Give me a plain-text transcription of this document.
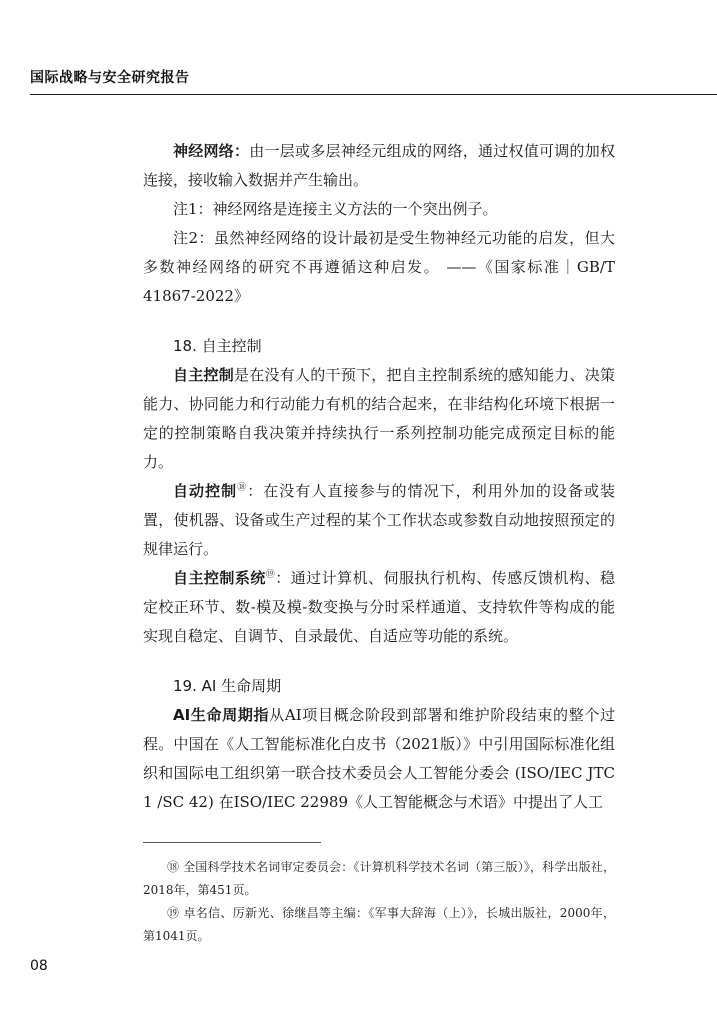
国际战略与安全研究报告

神经网络：由一层或多层神经元组成的网络，通过权值可调的加权连接，接收输入数据并产生输出。

注1：神经网络是连接主义方法的一个突出例子。

注2：虽然神经网络的设计最初是受生物神经元功能的启发，但大多数神经网络的研究不再遵循这种启发。 ——《国家标准｜GB/T 41867-2022》

18. 自主控制

自主控制是在没有人的干预下，把自主控制系统的感知能力、决策能力、协同能力和行动能力有机的结合起来，在非结构化环境下根据一定的控制策略自我决策并持续执行一系列控制功能完成预定目标的能力。

自动控制⑱：在没有人直接参与的情况下，利用外加的设备或装置，使机器、设备或生产过程的某个工作状态或参数自动地按照预定的规律运行。

自主控制系统⑲：通过计算机、伺服执行机构、传感反馈机构、稳定校正环节、数-模及模-数变换与分时采样通道、支持软件等构成的能实现自稳定、自调节、自录最优、自适应等功能的系统。

19. AI 生命周期

AI生命周期指从AI项目概念阶段到部署和维护阶段结束的整个过程。中国在《人工智能标准化白皮书（2021版）》中引用国际标准化组织和国际电工组织第一联合技术委员会人工智能分委会 (ISO/IEC JTC 1 /SC 42) 在ISO/IEC 22989《人工智能概念与术语》中提出了人工

⑱ 全国科学技术名词审定委员会：《计算机科学技术名词（第三版）》，科学出版社，2018年，第451页。

⑲ 卓名信、厉新光、徐继昌等主编：《军事大辞海（上）》，长城出版社，2000年，第1041页。

08
